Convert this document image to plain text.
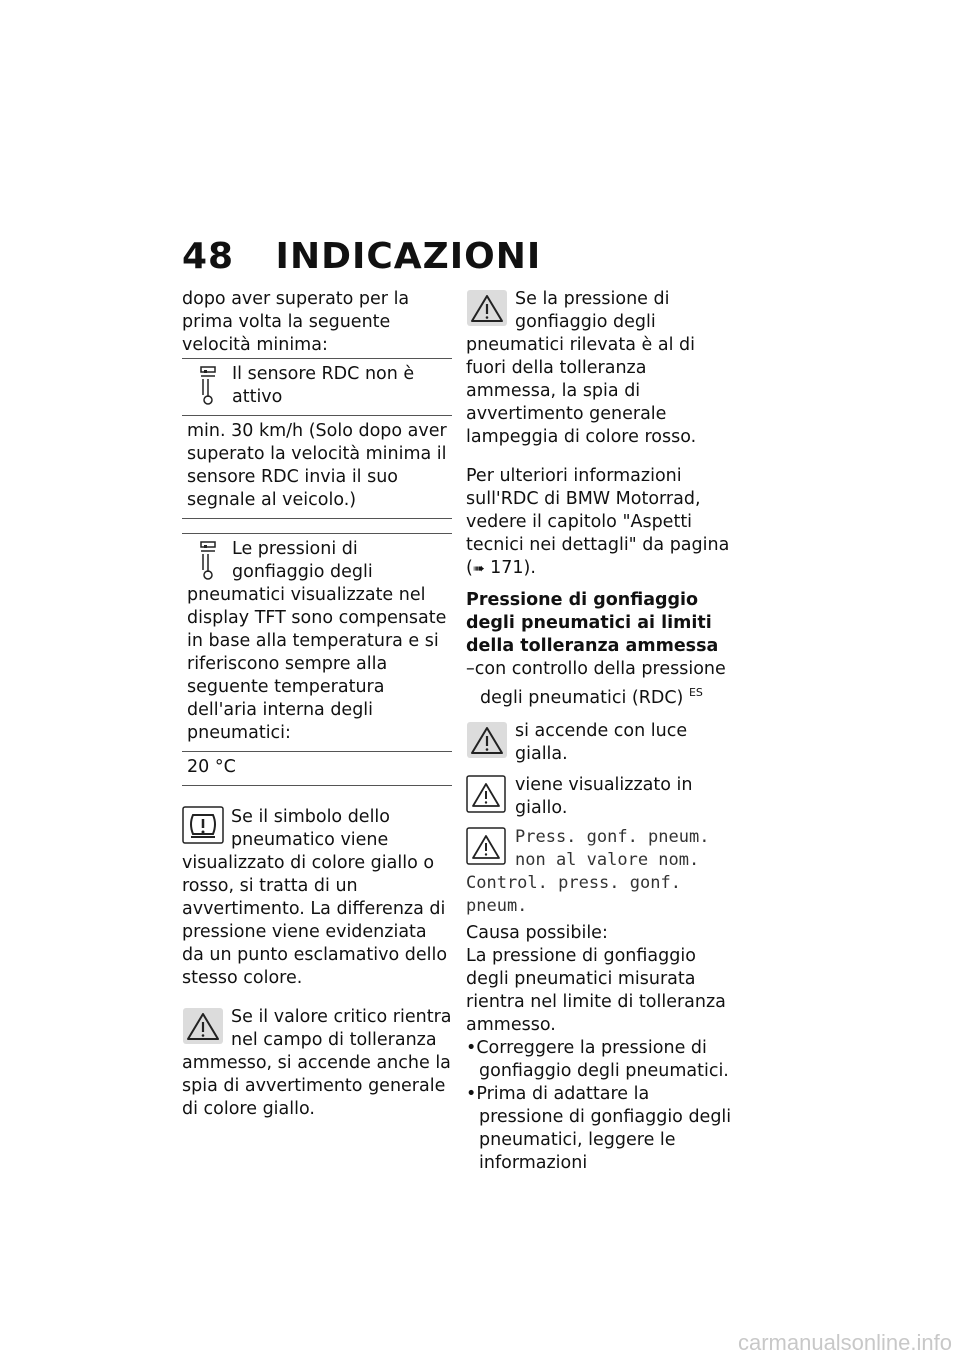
48 INDICAZIONI

dopo aver superato per la prima volta la seguente velocità minima:

Il sensore RDC non è attivo
min. 30 km/h (Solo dopo aver superato la velocità minima il sensore RDC invia il suo segnale al veicolo.)
Le pressioni di gonfiaggio degli pneumatici visualizzate nel display TFT sono compensate in base alla temperatura e si riferiscono sempre alla seguente temperatura dell'aria interna degli pneumatici:
20 °C
Se il simbolo dello pneumatico viene visualizzato di colore giallo o rosso, si tratta di un avvertimento. La differenza di pressione viene evidenziata da un punto esclamativo dello stesso colore.
Se il valore critico rientra nel campo di tolleranza ammesso, si accende anche la spia di avvertimento generale di colore giallo.
Se la pressione di gonfiaggio degli pneumatici rilevata è al di fuori della tolleranza ammessa, la spia di avvertimento generale lampeggia di colore rosso.

Per ulteriori informazioni sull'RDC di BMW Motorrad, vedere il capitolo "Aspetti tecnici nei dettagli" da pagina (➠ 171).

Pressione di gonfiaggio degli pneumatici ai limiti della tolleranza ammessa

–con controllo della pressione degli pneumatici (RDC) $^{ES}$

si accende con luce gialla.
viene visualizzato in giallo.
Press. gonf. pneum. non al valore nom. Control. press. gonf. pneum.

Causa possibile:

La pressione di gonfiaggio degli pneumatici misurata rientra nel limite di tolleranza ammesso.

•Correggere la pressione di gonfiaggio degli pneumatici.

•Prima di adattare la pressione di gonfiaggio degli pneumatici, leggere le informazioni

carmanualsonline.info
